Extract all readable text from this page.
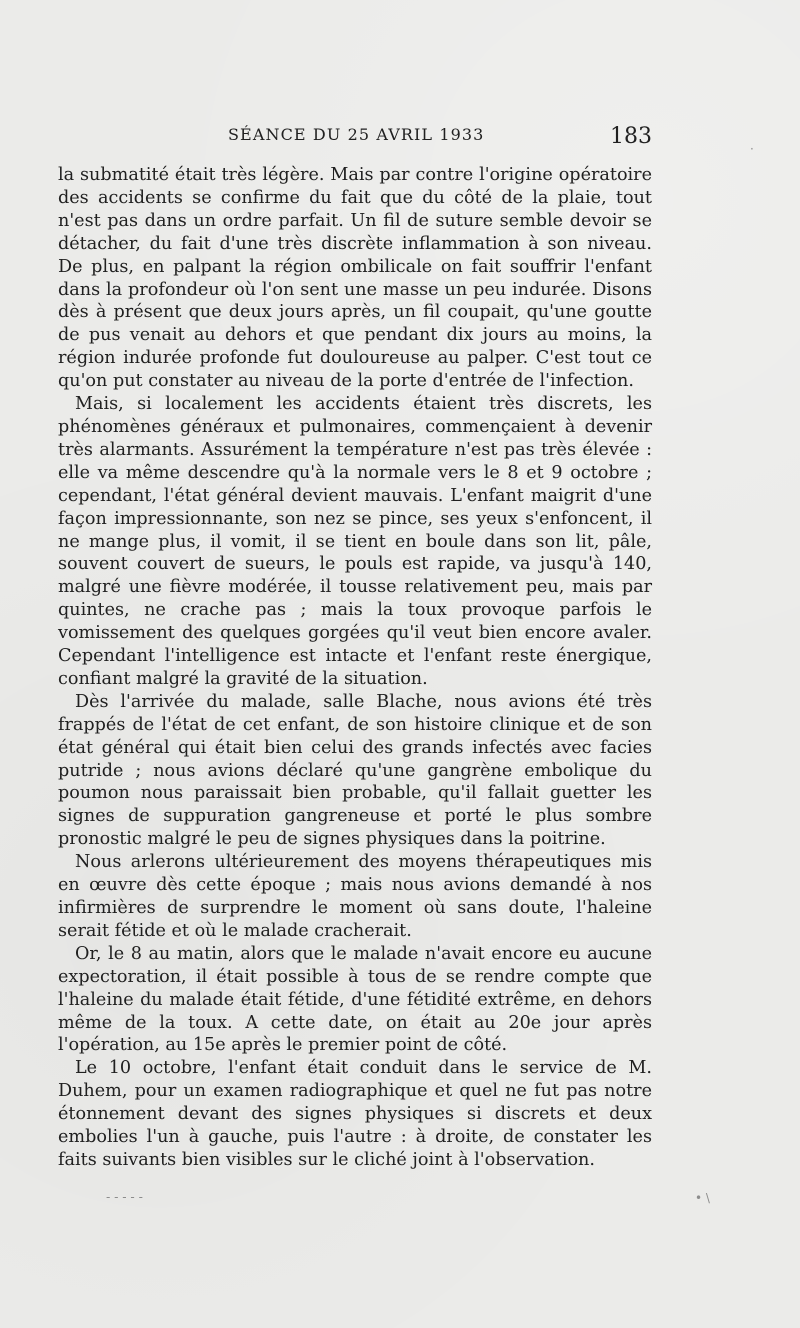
SÉANCE DU 25 AVRIL 1933	183

la submatité était très légère. Mais par contre l'origine opératoire des accidents se confirme du fait que du côté de la plaie, tout n'est pas dans un ordre parfait. Un fil de suture semble devoir se détacher, du fait d'une très discrète inflammation à son niveau. De plus, en palpant la région ombilicale on fait souffrir l'enfant dans la profondeur où l'on sent une masse un peu indurée. Disons dès à présent que deux jours après, un fil coupait, qu'une goutte de pus venait au dehors et que pendant dix jours au moins, la région indurée profonde fut douloureuse au palper. C'est tout ce qu'on put constater au niveau de la porte d'entrée de l'infection.

Mais, si localement les accidents étaient très discrets, les phénomènes généraux et pulmonaires, commençaient à devenir très alarmants. Assurément la température n'est pas très élevée : elle va même descendre qu'à la normale vers le 8 et 9 octobre ; cependant, l'état général devient mauvais. L'enfant maigrit d'une façon impressionnante, son nez se pince, ses yeux s'enfoncent, il ne mange plus, il vomit, il se tient en boule dans son lit, pâle, souvent couvert de sueurs, le pouls est rapide, va jusqu'à 140, malgré une fièvre modérée, il tousse relativement peu, mais par quintes, ne crache pas ; mais la toux provoque parfois le vomissement des quelques gorgées qu'il veut bien encore avaler. Cependant l'intelligence est intacte et l'enfant reste énergique, confiant malgré la gravité de la situation.

Dès l'arrivée du malade, salle Blache, nous avions été très frappés de l'état de cet enfant, de son histoire clinique et de son état général qui était bien celui des grands infectés avec facies putride ; nous avions déclaré qu'une gangrène embolique du poumon nous paraissait bien probable, qu'il fallait guetter les signes de suppuration gangreneuse et porté le plus sombre pronostic malgré le peu de signes physiques dans la poitrine.

Nous arlerons ultérieurement des moyens thérapeutiques mis en œuvre dès cette époque ; mais nous avions demandé à nos infirmières de surprendre le moment où sans doute, l'haleine serait fétide et où le malade cracherait.

Or, le 8 au matin, alors que le malade n'avait encore eu aucune expectoration, il était possible à tous de se rendre compte que l'haleine du malade était fétide, d'une fétidité extrême, en dehors même de la toux. A cette date, on était au 20e jour après l'opération, au 15e après le premier point de côté.

Le 10 octobre, l'enfant était conduit dans le service de M. Duhem, pour un examen radiographique et quel ne fut pas notre étonnement devant des signes physiques si discrets et deux embolies l'un à gauche, puis l'autre : à droite, de constater les faits suivants bien visibles sur le cliché joint à l'observation.

·
• \
- - - - -
